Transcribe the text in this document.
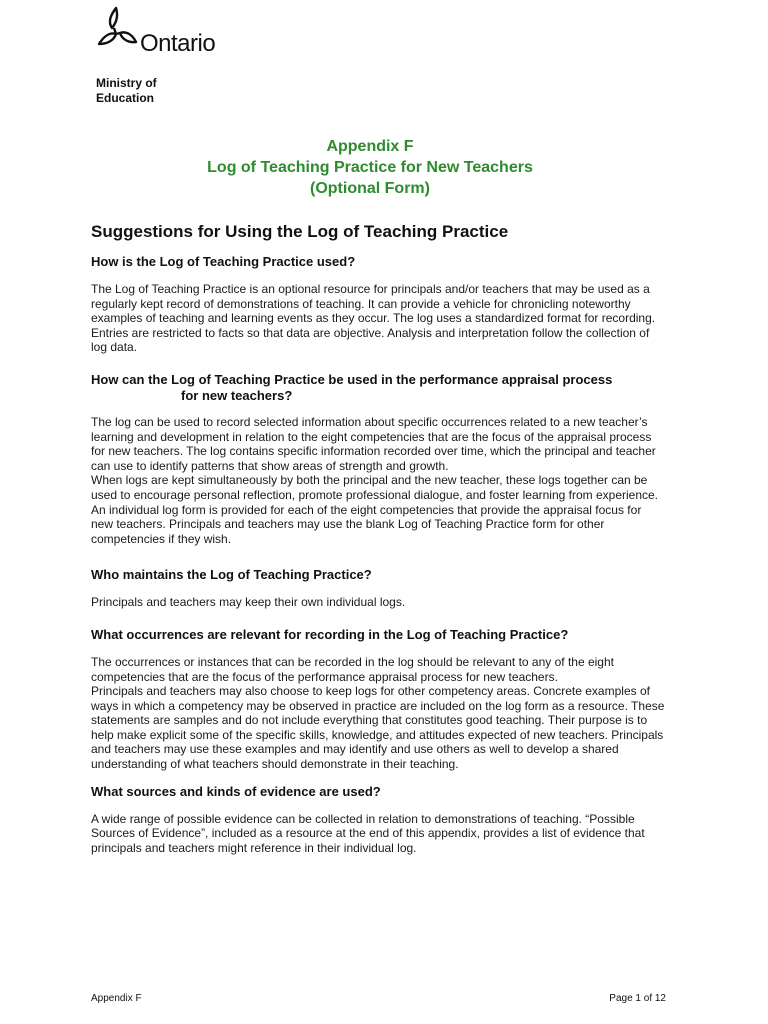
Ontario
Ministry of
Education
Appendix F
Log of Teaching Practice for New Teachers
(Optional Form)
Suggestions for Using the Log of Teaching Practice

How is the Log of Teaching Practice used?

The Log of Teaching Practice is an optional resource for principals and/or teachers that may be used as a regularly kept record of demonstrations of teaching. It can provide a vehicle for chronicling noteworthy examples of teaching and learning events as they occur. The log uses a standardized format for recording. Entries are restricted to facts so that data are objective. Analysis and interpretation follow the collection of log data.

How can the Log of Teaching Practice be used in the performance appraisal process
for new teachers?

The log can be used to record selected information about specific occurrences related to a new teacher’s learning and development in relation to the eight competencies that are the focus of the appraisal process for new teachers. The log contains specific information recorded over time, which the principal and teacher can use to identify patterns that show areas of strength and growth.

When logs are kept simultaneously by both the principal and the new teacher, these logs together can be used to encourage personal reflection, promote professional dialogue, and foster learning from experience. An individual log form is provided for each of the eight competencies that provide the appraisal focus for new teachers. Principals and teachers may use the blank Log of Teaching Practice form for other competencies if they wish.

Who maintains the Log of Teaching Practice?

Principals and teachers may keep their own individual logs.

What occurrences are relevant for recording in the Log of Teaching Practice?

The occurrences or instances that can be recorded in the log should be relevant to any of the eight competencies that are the focus of the performance appraisal process for new teachers.

Principals and teachers may also choose to keep logs for other competency areas. Concrete examples of ways in which a competency may be observed in practice are included on the log form as a resource. These statements are samples and do not include everything that constitutes good teaching. Their purpose is to help make explicit some of the specific skills, knowledge, and attitudes expected of new teachers. Principals and teachers may use these examples and may identify and use others as well to develop a shared understanding of what teachers should demonstrate in their teaching.

What sources and kinds of evidence are used?

A wide range of possible evidence can be collected in relation to demonstrations of teaching. “Possible Sources of Evidence”, included as a resource at the end of this appendix, provides a list of evidence that principals and teachers might reference in their individual log.

Appendix F	Page 1 of 12
